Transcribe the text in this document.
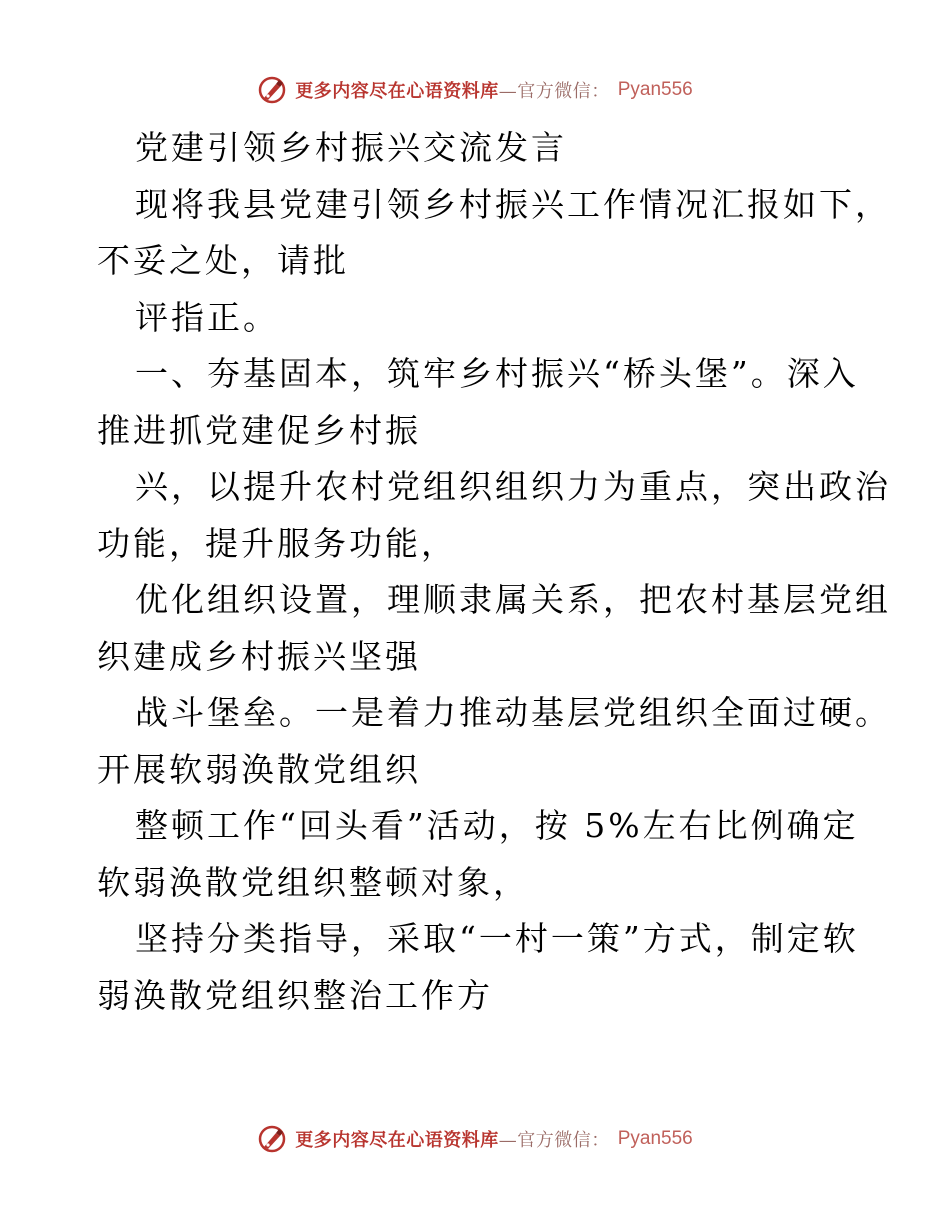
更多内容尽在心语资料库—官方微信： Pyan556
党建引领乡村振兴交流发言
现将我县党建引领乡村振兴工作情况汇报如下，
不妥之处，请批
评指正。
一、夯基固本，筑牢乡村振兴“桥头堡”。深入
推进抓党建促乡村振
兴，以提升农村党组织组织力为重点，突出政治
功能，提升服务功能，
优化组织设置，理顺隶属关系，把农村基层党组
织建成乡村振兴坚强
战斗堡垒。一是着力推动基层党组织全面过硬。
开展软弱涣散党组织
整顿工作“回头看”活动，按 5%左右比例确定
软弱涣散党组织整顿对象，
坚持分类指导，采取“一村一策”方式，制定软
弱涣散党组织整治工作方
更多内容尽在心语资料库—官方微信： Pyan556
